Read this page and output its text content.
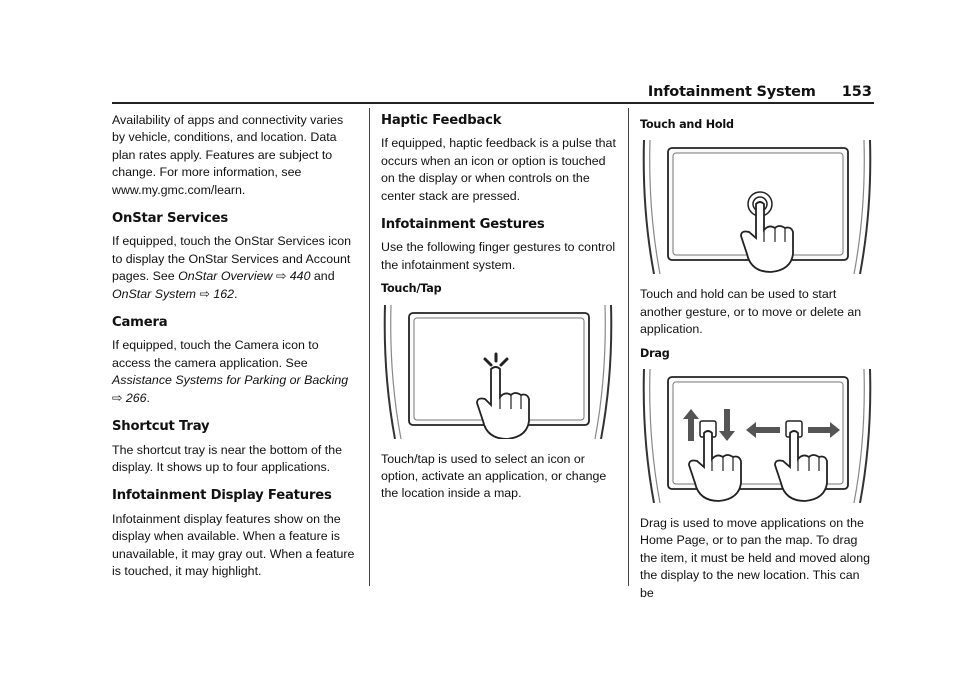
Infotainment System 153

Availability of apps and connectivity varies by vehicle, conditions, and location. Data plan rates apply. Features are subject to change. For more information, see www.my.gmc.com/learn.

OnStar Services

If equipped, touch the OnStar Services icon to display the OnStar Services and Account pages. See OnStar Overview ⇨ 440 and OnStar System ⇨ 162.

Camera

If equipped, touch the Camera icon to access the camera application. See Assistance Systems for Parking or Backing ⇨ 266.

Shortcut Tray

The shortcut tray is near the bottom of the display. It shows up to four applications.

Infotainment Display Features

Infotainment display features show on the display when available. When a feature is unavailable, it may gray out. When a feature is touched, it may highlight.

Haptic Feedback

If equipped, haptic feedback is a pulse that occurs when an icon or option is touched on the display or when controls on the center stack are pressed.

Infotainment Gestures

Use the following finger gestures to control the infotainment system.

Touch/Tap

Touch/tap is used to select an icon or option, activate an application, or change the location inside a map.

Touch and Hold

Touch and hold can be used to start another gesture, or to move or delete an application.

Drag

Drag is used to move applications on the Home Page, or to pan the map. To drag the item, it must be held and moved along the display to the new location. This can be
